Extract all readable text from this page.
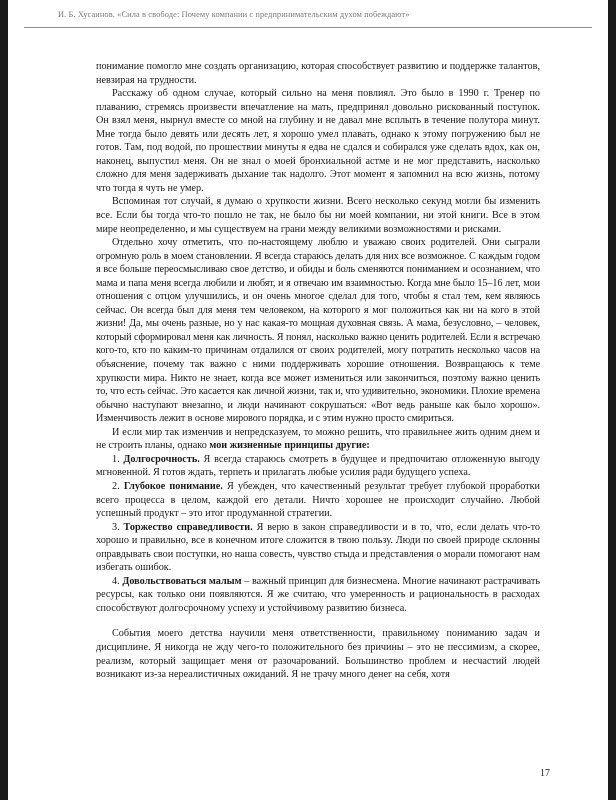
И. Б. Хусаинов. «Сила в свободе: Почему компании с предпринимательским духом побеждают»

понимание помогло мне создать организацию, которая способствует развитию и поддержке талантов, невзирая на трудности.

Расскажу об одном случае, который сильно на меня повлиял. Это было в 1990 г. Тренер по плаванию, стремясь произвести впечатление на мать, предпринял довольно рискованный поступок. Он взял меня, нырнул вместе со мной на глубину и не давал мне всплыть в течение полутора минут. Мне тогда было девять или десять лет, я хорошо умел плавать, однако к этому погружению был не готов. Там, под водой, по прошествии минуты я едва не сдался и собирался уже сделать вдох, как он, наконец, выпустил меня. Он не знал о моей бронхиальной астме и не мог представить, насколько сложно для меня задерживать дыхание так надолго. Этот момент я запомнил на всю жизнь, потому что тогда я чуть не умер.

Вспоминая тот случай, я думаю о хрупкости жизни. Всего несколько секунд могли бы изменить все. Если бы тогда что-то пошло не так, не было бы ни моей компании, ни этой книги. Все в этом мире неопределенно, и мы существуем на грани между великими возможностями и рисками.

Отдельно хочу отметить, что по-настоящему люблю и уважаю своих родителей. Они сыграли огромную роль в моем становлении. Я всегда стараюсь делать для них все возможное. С каждым годом я все больше переосмысливаю свое детство, и обиды и боль сменяются пониманием и осознанием, что мама и папа меня всегда любили и любят, и я отвечаю им взаимностью. Когда мне было 15–16 лет, мои отношения с отцом улучшились, и он очень многое сделал для того, чтобы я стал тем, кем являюсь сейчас. Он всегда был для меня тем человеком, на которого я мог положиться как ни на кого в этой жизни! Да, мы очень разные, но у нас какая-то мощная духовная связь. А мама, безусловно, – человек, который сформировал меня как личность. Я понял, насколько важно ценить родителей. Если я встречаю кого-то, кто по каким-то причинам отдалился от своих родителей, могу потратить несколько часов на объяснение, почему так важно с ними поддерживать хорошие отношения. Возвращаюсь к теме хрупкости мира. Никто не знает, когда все может измениться или закончиться, поэтому важно ценить то, что есть сейчас. Это касается как личной жизни, так и, что удивительно, экономики. Плохие времена обычно наступают внезапно, и люди начинают сокрушаться: «Вот ведь раньше как было хорошо». Изменчивость лежит в основе мирового порядка, и с этим нужно просто смириться.

И если мир так изменчив и непредсказуем, то можно решить, что правильнее жить одним днем и не строить планы, однако мои жизненные принципы другие:

1. Долгосрочность. Я всегда стараюсь смотреть в будущее и предпочитаю отложенную выгоду мгновенной. Я готов ждать, терпеть и прилагать любые усилия ради будущего успеха.

2. Глубокое понимание. Я убежден, что качественный результат требует глубокой проработки всего процесса в целом, каждой его детали. Ничто хорошее не происходит случайно. Любой успешный продукт – это итог продуманной стратегии.

3. Торжество справедливости. Я верю в закон справедливости и в то, что, если делать что-то хорошо и правильно, все в конечном итоге сложится в твою пользу. Люди по своей природе склонны оправдывать свои поступки, но наша совесть, чувство стыда и представления о морали помогают нам избегать ошибок.

4. Довольствоваться малым – важный принцип для бизнесмена. Многие начинают растрачивать ресурсы, как только они появляются. Я же считаю, что умеренность и рациональность в расходах способствуют долгосрочному успеху и устойчивому развитию бизнеса.

События моего детства научили меня ответственности, правильному пониманию задач и дисциплине. Я никогда не жду чего-то положительного без причины – это не пессимизм, а скорее, реализм, который защищает меня от разочарований. Большинство проблем и несчастий людей возникают из-за нереалистичных ожиданий. Я не трачу много денег на себя, хотя

17
